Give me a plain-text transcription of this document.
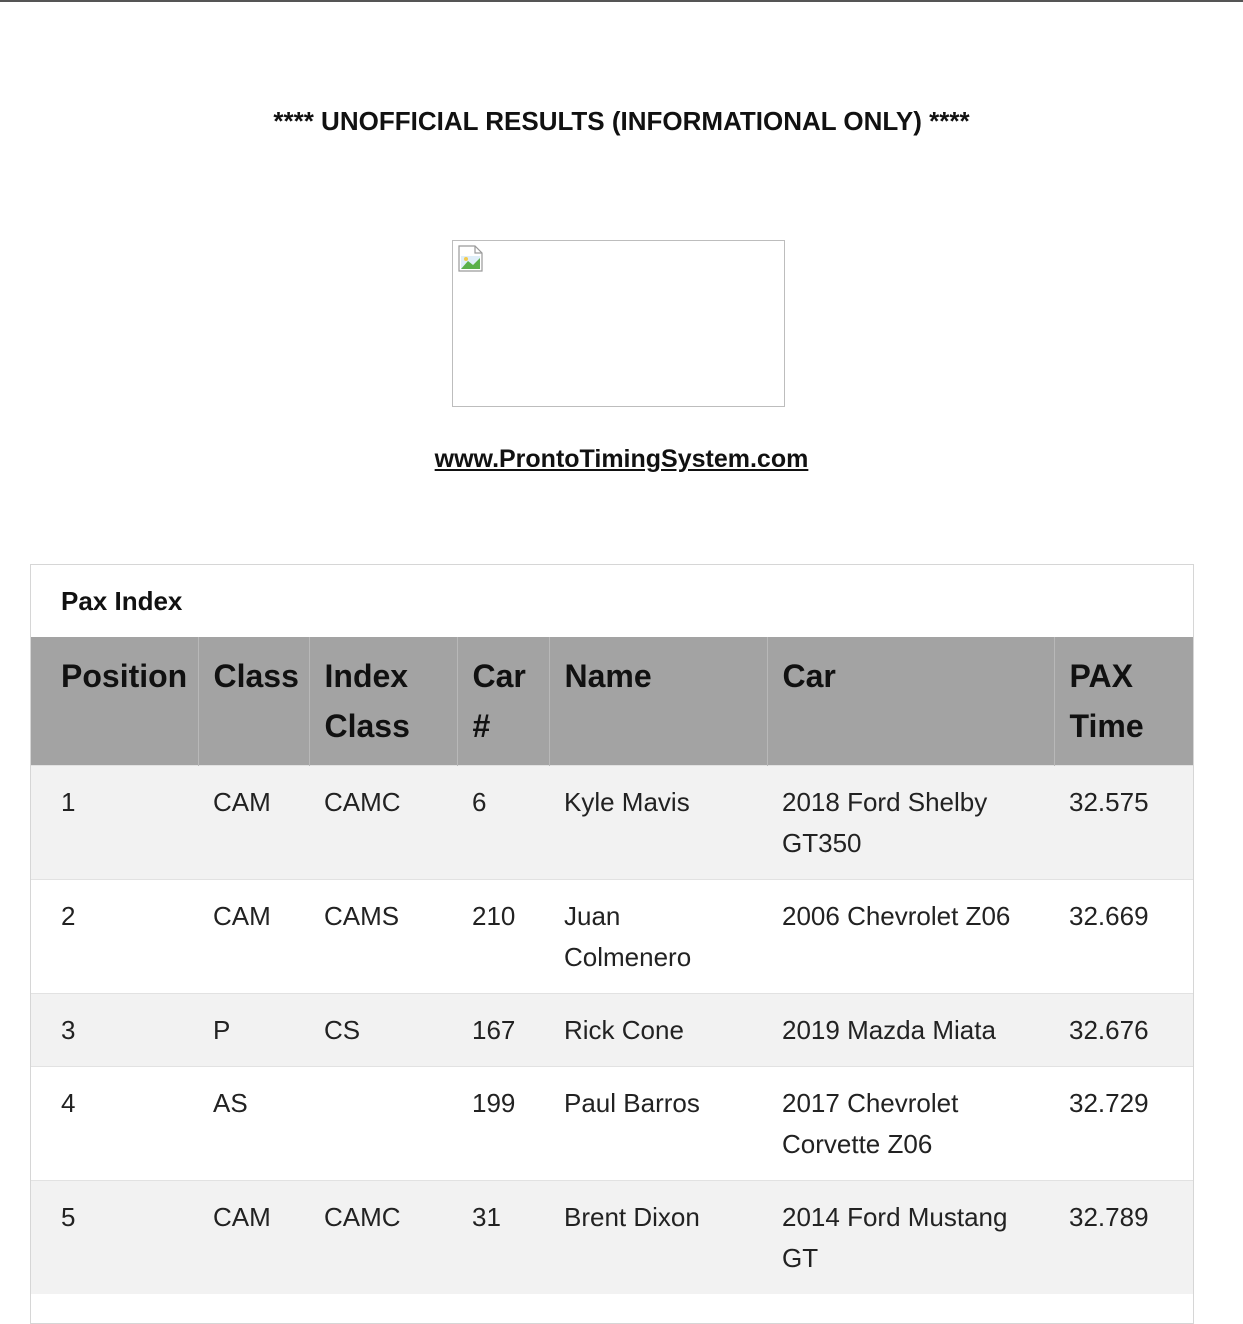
**** UNOFFICIAL RESULTS (INFORMATIONAL ONLY) ****
www.ProntoTimingSystem.com
Pax Index
Position	Class	Index Class	Car #	Name	Car	PAX Time
1	CAM	CAMC	6	Kyle Mavis	2018 Ford Shelby GT350	32.575
2	CAM	CAMS	210	Juan Colmenero	2006 Chevrolet Z06	32.669
3	P	CS	167	Rick Cone	2019 Mazda Miata	32.676
4	AS		199	Paul Barros	2017 Chevrolet Corvette Z06	32.729
5	CAM	CAMC	31	Brent Dixon	2014 Ford Mustang GT	32.789
